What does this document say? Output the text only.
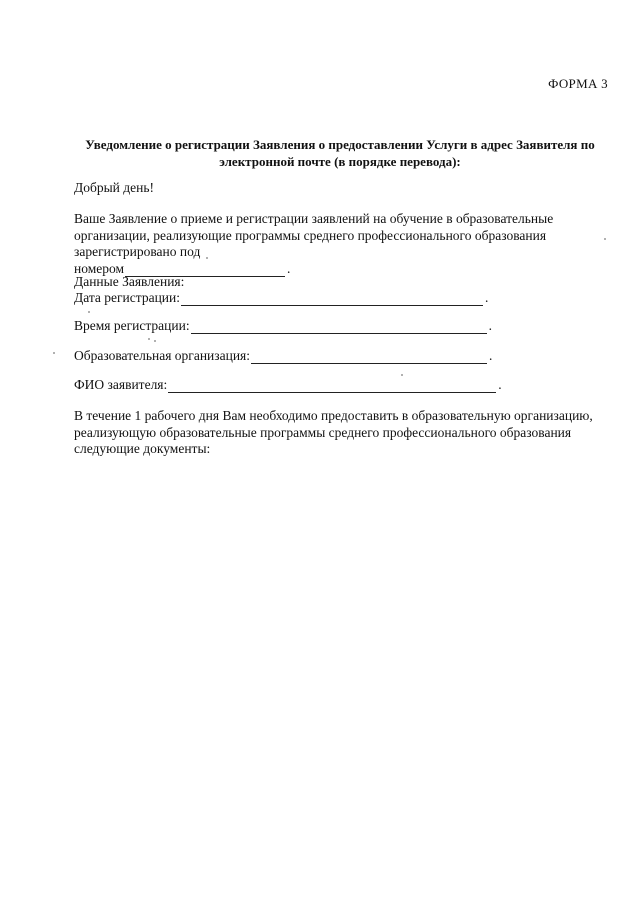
ФОРМА 3
Уведомление о регистрации Заявления о предоставлении Услуги в адрес Заявителя по электронной почте (в порядке перевода):
Добрый день!
Ваше Заявление о приеме и регистрации заявлений на обучение в образовательные организации, реализующие программы среднего профессионального образования зарегистрировано под

номером	.
Данные Заявления:
Дата регистрации:	.
Время регистрации:	.
Образовательная организация:	.
ФИО заявителя:	.
В течение 1 рабочего дня Вам необходимо предоставить в образовательную организацию, реализующую образовательные программы среднего профессионального образования следующие документы:
